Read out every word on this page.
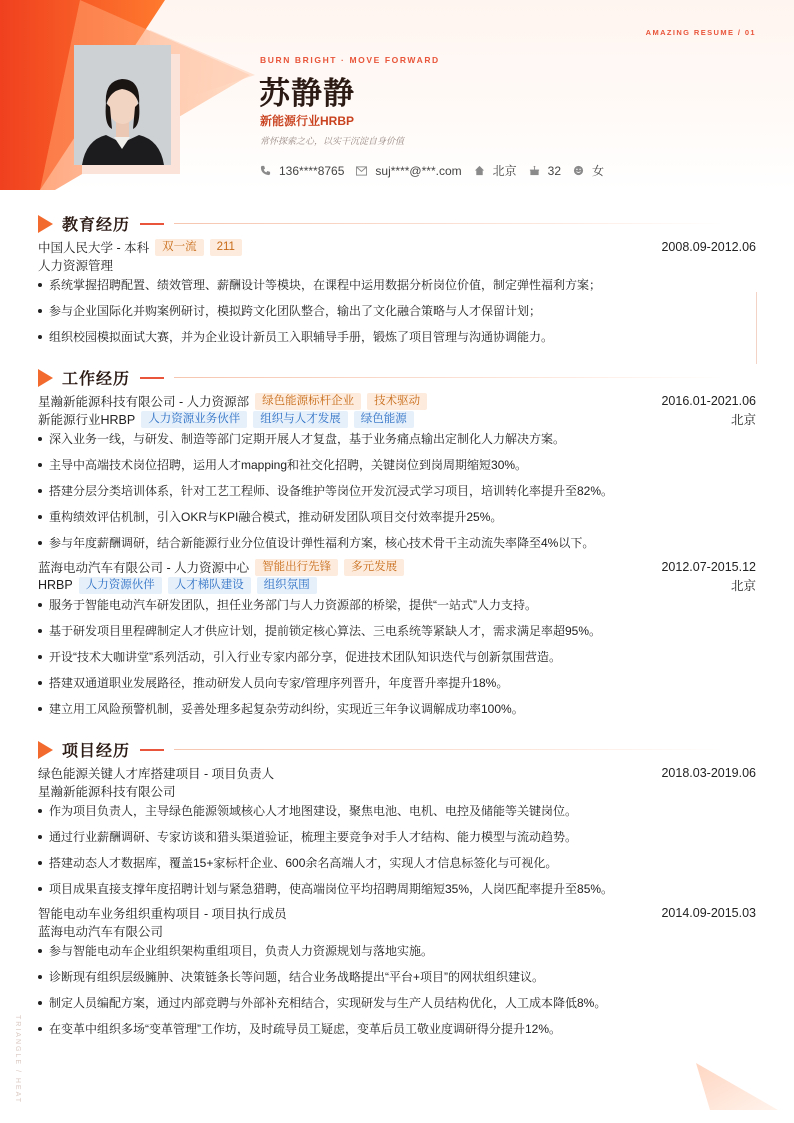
AMAZING RESUME / 01
BURN BRIGHT · MOVE FORWARD
苏静静
新能源行业HRBP
常怀探索之心，以实干沉淀自身价值
136****8765	suj****@***.com	北京	32	女
教育经历
中国人民大学 - 本科	双一流	211	2008.09-2012.06
人力资源管理
系统掌握招聘配置、绩效管理、薪酬设计等模块，在课程中运用数据分析岗位价值，制定弹性福利方案；
参与企业国际化并购案例研讨，模拟跨文化团队整合，输出了文化融合策略与人才保留计划；
组织校园模拟面试大赛，并为企业设计新员工入职辅导手册，锻炼了项目管理与沟通协调能力。
工作经历
星瀚新能源科技有限公司 - 人力资源部	绿色能源标杆企业	技术驱动	2016.01-2021.06
新能源行业HRBP	人力资源业务伙伴	组织与人才发展	绿色能源	北京
深入业务一线，与研发、制造等部门定期开展人才复盘，基于业务痛点输出定制化人力解决方案。
主导中高端技术岗位招聘，运用人才mapping和社交化招聘，关键岗位到岗周期缩短30%。
搭建分层分类培训体系，针对工艺工程师、设备维护等岗位开发沉浸式学习项目，培训转化率提升至82%。
重构绩效评估机制，引入OKR与KPI融合模式，推动研发团队项目交付效率提升25%。
参与年度薪酬调研，结合新能源行业分位值设计弹性福利方案，核心技术骨干主动流失率降至4%以下。
蓝海电动汽车有限公司 - 人力资源中心	智能出行先锋	多元发展	2012.07-2015.12
HRBP	人力资源伙伴	人才梯队建设	组织氛围	北京
服务于智能电动汽车研发团队，担任业务部门与人力资源部的桥梁，提供“一站式”人力支持。
基于研发项目里程碑制定人才供应计划，提前锁定核心算法、三电系统等紧缺人才，需求满足率超95%。
开设“技术大咖讲堂”系列活动，引入行业专家内部分享，促进技术团队知识迭代与创新氛围营造。
搭建双通道职业发展路径，推动研发人员向专家/管理序列晋升，年度晋升率提升18%。
建立用工风险预警机制，妥善处理多起复杂劳动纠纷，实现近三年争议调解成功率100%。
项目经历
绿色能源关键人才库搭建项目 - 项目负责人	2018.03-2019.06
星瀚新能源科技有限公司
作为项目负责人，主导绿色能源领域核心人才地图建设，聚焦电池、电机、电控及储能等关键岗位。
通过行业薪酬调研、专家访谈和猎头渠道验证，梳理主要竞争对手人才结构、能力模型与流动趋势。
搭建动态人才数据库，覆盖15+家标杆企业、600余名高端人才，实现人才信息标签化与可视化。
项目成果直接支撑年度招聘计划与紧急猎聘，使高端岗位平均招聘周期缩短35%，人岗匹配率提升至85%。
智能电动车业务组织重构项目 - 项目执行成员	2014.09-2015.03
蓝海电动汽车有限公司
参与智能电动车企业组织架构重组项目，负责人力资源规划与落地实施。
诊断现有组织层级臃肿、决策链条长等问题，结合业务战略提出“平台+项目”的网状组织建议。
制定人员编配方案，通过内部竞聘与外部补充相结合，实现研发与生产人员结构优化，人工成本降低8%。
在变革中组织多场“变革管理”工作坊，及时疏导员工疑虑，变革后员工敬业度调研得分提升12%。
TRIANGLE / HEAT
